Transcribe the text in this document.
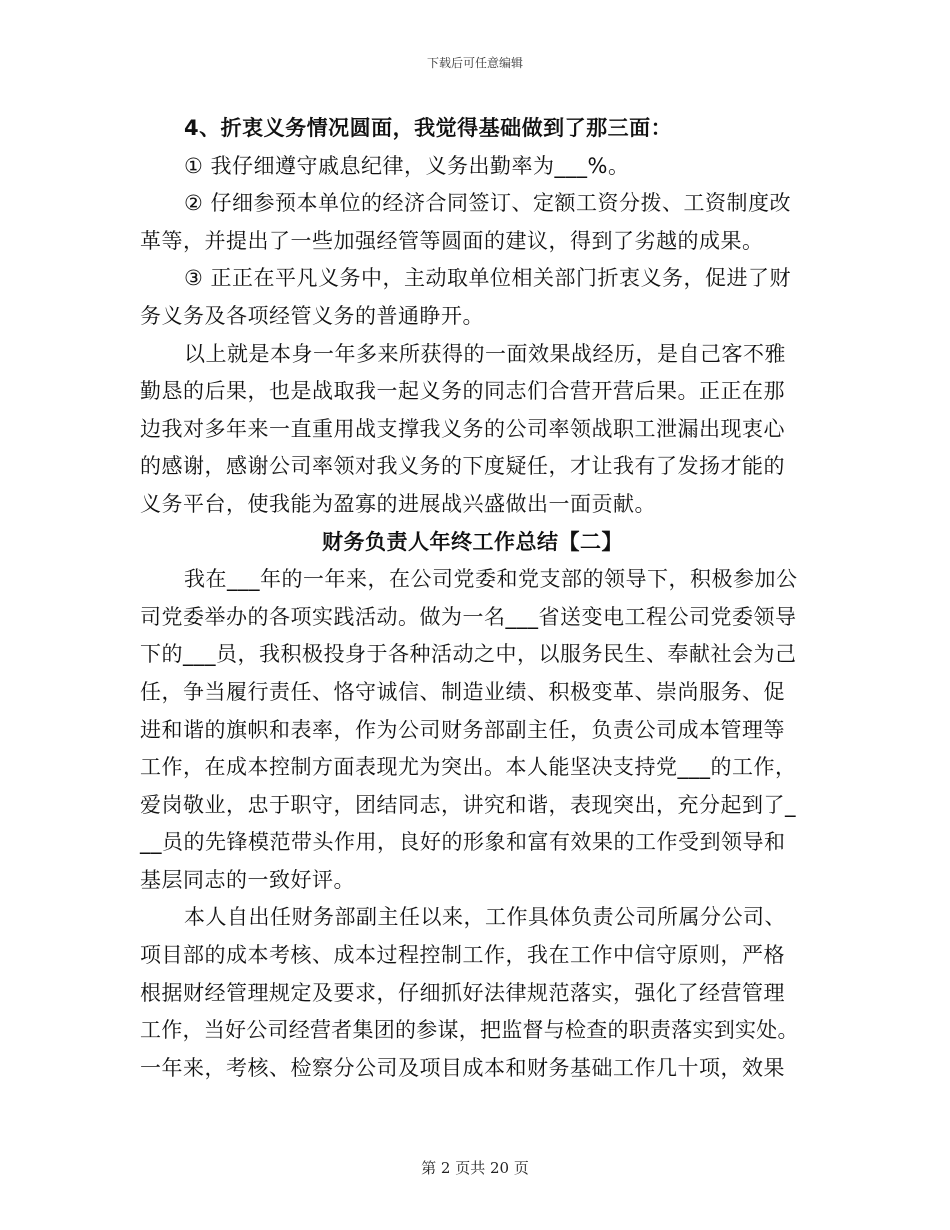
下载后可任意编辑
4、折衷义务情况圆面，我觉得基础做到了那三面：
① 我仔细遵守戚息纪律，义务出勤率为___%。
② 仔细参预本单位的经济合同签订、定额工资分拨、工资制度改
革等，并提出了一些加强经管等圆面的建议，得到了劣越的成果。
③ 正正在平凡义务中，主动取单位相关部门折衷义务，促进了财
务义务及各项经管义务的普通睁开。
以上就是本身一年多来所获得的一面效果战经历，是自己客不雅
勤恳的后果，也是战取我一起义务的同志们合营开营后果。正正在那
边我对多年来一直重用战支撑我义务的公司率领战职工泄漏出现衷心
的感谢，感谢公司率领对我义务的下度疑任，才让我有了发扬才能的
义务平台，使我能为盈寡的进展战兴盛做出一面贡献。
财务负责人年终工作总结【二】
我在___年的一年来，在公司党委和党支部的领导下，积极参加公
司党委举办的各项实践活动。做为一名___省送变电工程公司党委领导
下的___员，我积极投身于各种活动之中，以服务民生、奉献社会为己
任，争当履行责任、恪守诚信、制造业绩、积极变革、崇尚服务、促
进和谐的旗帜和表率，作为公司财务部副主任，负责公司成本管理等
工作，在成本控制方面表现尤为突出。本人能坚决支持党___的工作，
爱岗敬业，忠于职守，团结同志，讲究和谐，表现突出，充分起到了_
__员的先锋模范带头作用，良好的形象和富有效果的工作受到领导和
基层同志的一致好评。
本人自出任财务部副主任以来，工作具体负责公司所属分公司、
项目部的成本考核、成本过程控制工作，我在工作中信守原则，严格
根据财经管理规定及要求，仔细抓好法律规范落实，强化了经营管理
工作，当好公司经营者集团的参谋，把监督与检查的职责落实到实处。
一年来，考核、检察分公司及项目成本和财务基础工作几十项，效果
第 2 页共 20 页
